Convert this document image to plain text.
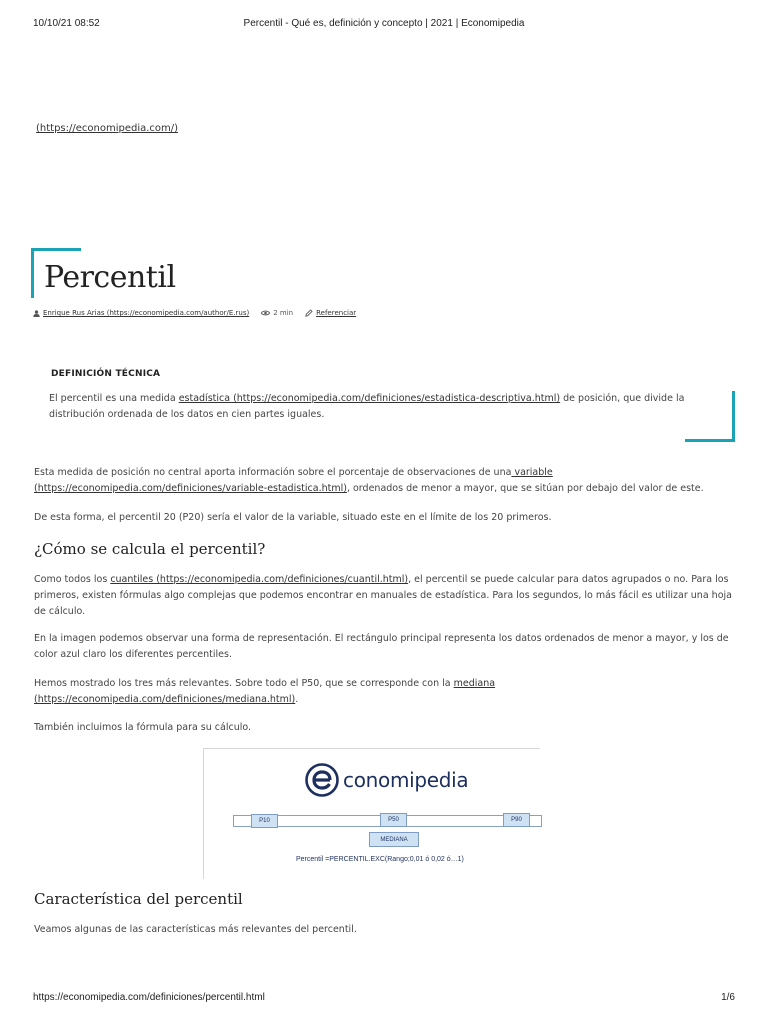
10/10/21 08:52	Percentil - Qué es, definición y concepto | 2021 | Economipedia
(https://economipedia.com/)
Percentil
Enrique Rus Arias (https://economipedia.com/author/E.rus)	2 min	Referenciar
DEFINICIÓN TÉCNICA
El percentil es una medida estadística (https://economipedia.com/definiciones/estadistica-descriptiva.html) de posición, que divide la distribución ordenada de los datos en cien partes iguales.

Esta medida de posición no central aporta información sobre el porcentaje de observaciones de una variable (https://economipedia.com/definiciones/variable-estadistica.html), ordenados de menor a mayor, que se sitúan por debajo del valor de este.

De esta forma, el percentil 20 (P20) sería el valor de la variable, situado este en el límite de los 20 primeros.

¿Cómo se calcula el percentil?

Como todos los cuantiles (https://economipedia.com/definiciones/cuantil.html), el percentil se puede calcular para datos agrupados o no. Para los primeros, existen fórmulas algo complejas que podemos encontrar en manuales de estadística. Para los segundos, lo más fácil es utilizar una hoja de cálculo.

En la imagen podemos observar una forma de representación. El rectángulo principal representa los datos ordenados de menor a mayor, y los de color azul claro los diferentes percentiles.

Hemos mostrado los tres más relevantes. Sobre todo el P50, que se corresponde con la mediana (https://economipedia.com/definiciones/mediana.html).

También incluimos la fórmula para su cálculo.

conomipedia
P10	P50	P90
MEDIANA
Percentil =PERCENTIL.EXC(Rango;0,01 ó 0,02 ó…1)
Característica del percentil

Veamos algunas de las características más relevantes del percentil.

https://economipedia.com/definiciones/percentil.html	1/6
